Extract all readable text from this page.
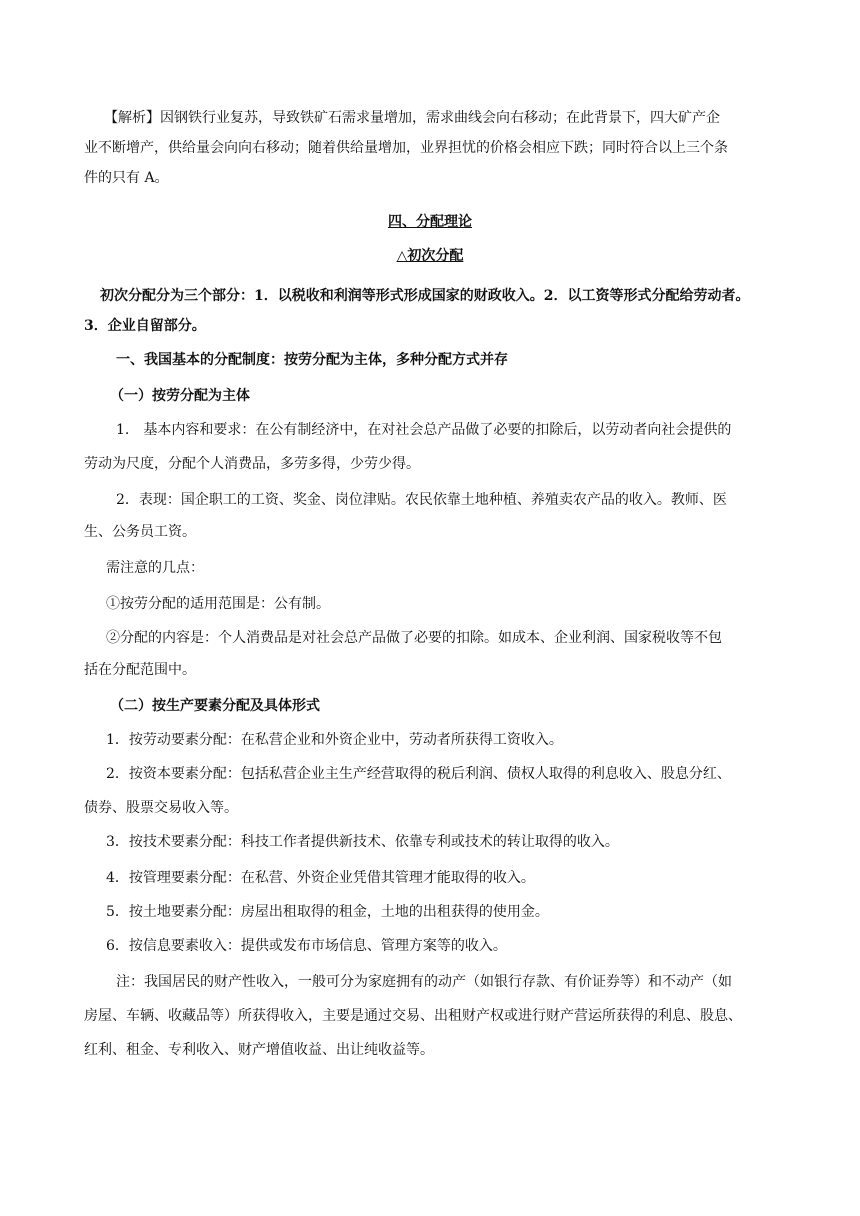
【解析】因钢铁行业复苏，导致铁矿石需求量增加，需求曲线会向右移动；在此背景下，四大矿产企
业不断增产，供给量会向向右移动；随着供给量增加，业界担忧的价格会相应下跌；同时符合以上三个条
件的只有 A。
四、分配理论
△初次分配
初次分配分为三个部分：1．以税收和利润等形式形成国家的财政收入。2．以工资等形式分配给劳动者。
3．企业自留部分。
一、我国基本的分配制度：按劳分配为主体，多种分配方式并存
（一）按劳分配为主体
1.　基本内容和要求：在公有制经济中，在对社会总产品做了必要的扣除后，以劳动者向社会提供的
劳动为尺度，分配个人消费品，多劳多得，少劳少得。
2．表现：国企职工的工资、奖金、岗位津贴。农民依靠土地种植、养殖卖农产品的收入。教师、医
生、公务员工资。
需注意的几点：
①按劳分配的适用范围是：公有制。
②分配的内容是：个人消费品是对社会总产品做了必要的扣除。如成本、企业利润、国家税收等不包
括在分配范围中。
（二）按生产要素分配及具体形式
1．按劳动要素分配：在私营企业和外资企业中，劳动者所获得工资收入。
2．按资本要素分配：包括私营企业主生产经营取得的税后利润、债权人取得的利息收入、股息分红、
债券、股票交易收入等。
3．按技术要素分配：科技工作者提供新技术、依靠专利或技术的转让取得的收入。
4．按管理要素分配：在私营、外资企业凭借其管理才能取得的收入。
5．按土地要素分配：房屋出租取得的租金，土地的出租获得的使用金。
6．按信息要素收入：提供或发布市场信息、管理方案等的收入。
注：我国居民的财产性收入，一般可分为家庭拥有的动产（如银行存款、有价证券等）和不动产（如
房屋、车辆、收藏品等）所获得收入，主要是通过交易、出租财产权或进行财产营运所获得的利息、股息、
红利、租金、专利收入、财产增值收益、出让纯收益等。
